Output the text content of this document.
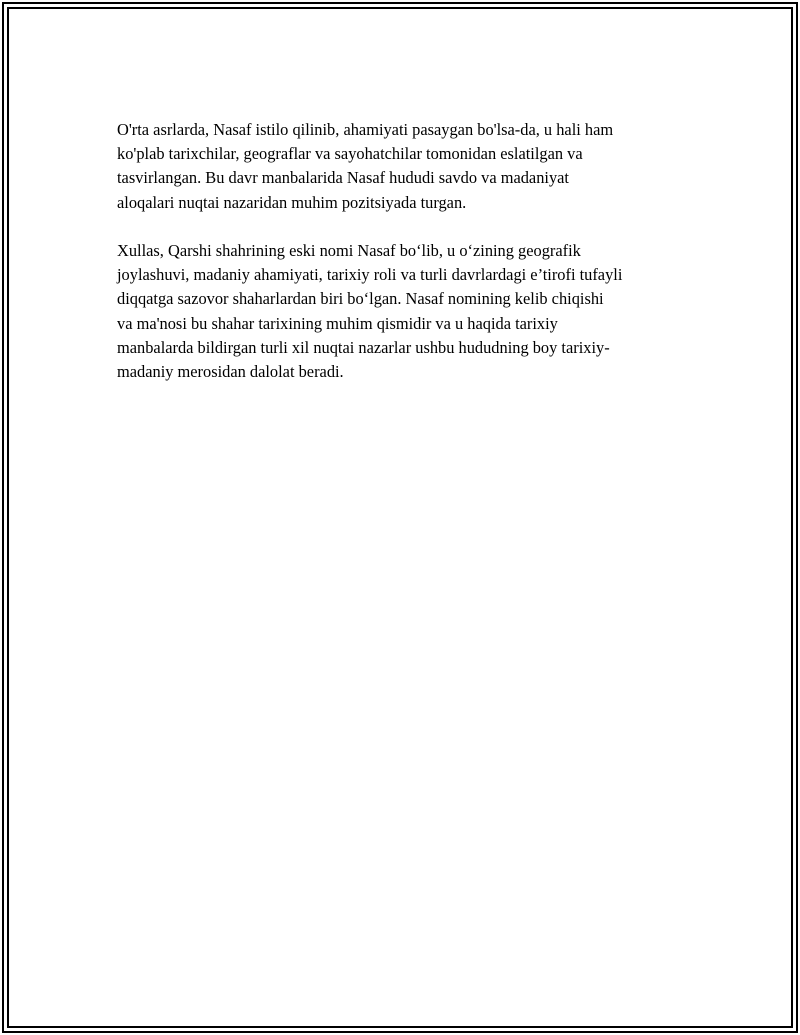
O'rta asrlarda, Nasaf istilo qilinib, ahamiyati pasaygan bo'lsa-da, u hali ham
ko'plab tarixchilar, geograflar va sayohatchilar tomonidan eslatilgan va
tasvirlangan. Bu davr manbalarida Nasaf hududi savdo va madaniyat
aloqalari nuqtai nazaridan muhim pozitsiyada turgan.

Xullas, Qarshi shahrining eski nomi Nasaf bo‘lib, u o‘zining geografik
joylashuvi, madaniy ahamiyati, tarixiy roli va turli davrlardagi e’tirofi tufayli
diqqatga sazovor shaharlardan biri bo‘lgan. Nasaf nomining kelib chiqishi
va ma'nosi bu shahar tarixining muhim qismidir va u haqida tarixiy
manbalarda bildirgan turli xil nuqtai nazarlar ushbu hududning boy tarixiy-
madaniy merosidan dalolat beradi.
